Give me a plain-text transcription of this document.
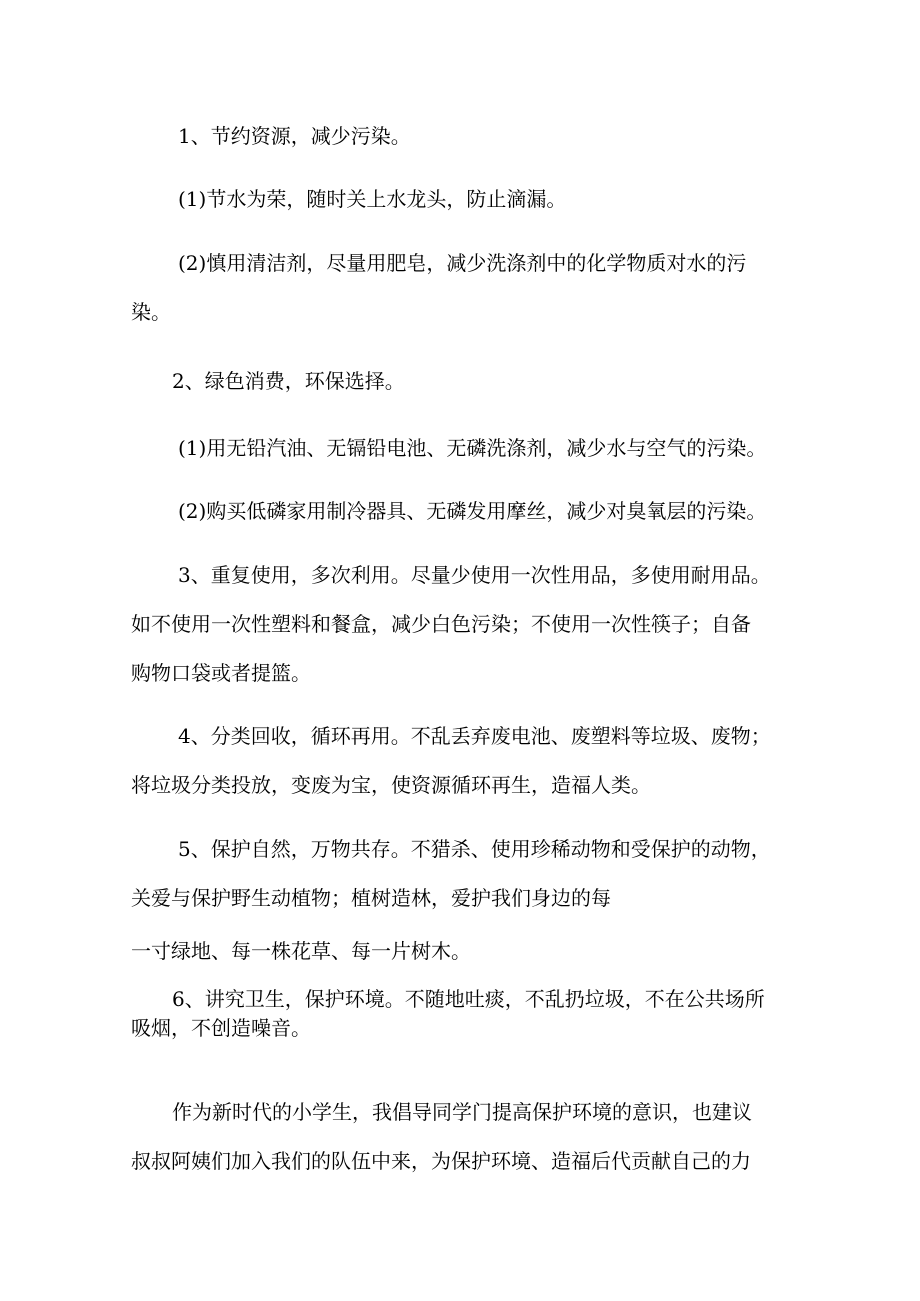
1、节约资源，减少污染。
(1)节水为荣，随时关上水龙头，防止滴漏。
(2)慎用清洁剂，尽量用肥皂，减少洗涤剂中的化学物质对水的污
染。
2、绿色消费，环保选择。
(1)用无铅汽油、无镉铅电池、无磷洗涤剂，减少水与空气的污染。
(2)购买低磷家用制冷器具、无磷发用摩丝，减少对臭氧层的污染。
3、重复使用，多次利用。尽量少使用一次性用品，多使用耐用品。
如不使用一次性塑料和餐盒，减少白色污染；不使用一次性筷子；自备
购物口袋或者提篮。
4、分类回收，循环再用。不乱丢弃废电池、废塑料等垃圾、废物；
将垃圾分类投放，变废为宝，使资源循环再生，造福人类。
5、保护自然，万物共存。不猎杀、使用珍稀动物和受保护的动物，
关爱与保护野生动植物；植树造林，爱护我们身边的每
一寸绿地、每一株花草、每一片树木。
6、讲究卫生，保护环境。不随地吐痰，不乱扔垃圾，不在公共场所
吸烟，不创造噪音。
作为新时代的小学生，我倡导同学门提高保护环境的意识，也建议
叔叔阿姨们加入我们的队伍中来，为保护环境、造福后代贡献自己的力
